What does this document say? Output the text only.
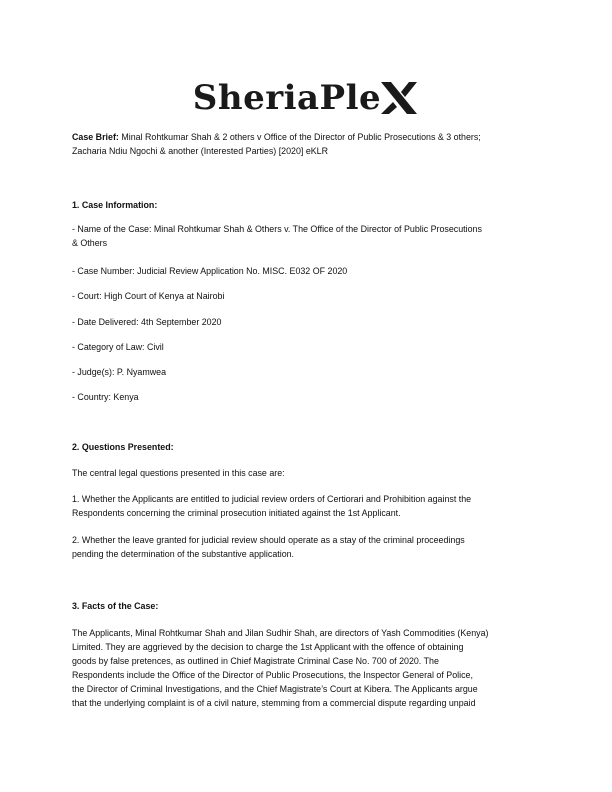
SheriaPle
Case Brief: Minal Rohtkumar Shah & 2 others v Office of the Director of Public Prosecutions & 3 others;
Zacharia Ndiu Ngochi & another (Interested Parties) [2020] eKLR
1. Case Information:
- Name of the Case: Minal Rohtkumar Shah & Others v. The Office of the Director of Public Prosecutions
& Others
- Case Number: Judicial Review Application No. MISC. E032 OF 2020
- Court: High Court of Kenya at Nairobi
- Date Delivered: 4th September 2020
- Category of Law: Civil
- Judge(s): P. Nyamwea
- Country: Kenya
2. Questions Presented:
The central legal questions presented in this case are:
1. Whether the Applicants are entitled to judicial review orders of Certiorari and Prohibition against the
Respondents concerning the criminal prosecution initiated against the 1st Applicant.
2. Whether the leave granted for judicial review should operate as a stay of the criminal proceedings
pending the determination of the substantive application.
3. Facts of the Case:
The Applicants, Minal Rohtkumar Shah and Jilan Sudhir Shah, are directors of Yash Commodities (Kenya)
Limited. They are aggrieved by the decision to charge the 1st Applicant with the offence of obtaining
goods by false pretences, as outlined in Chief Magistrate Criminal Case No. 700 of 2020. The
Respondents include the Office of the Director of Public Prosecutions, the Inspector General of Police,
the Director of Criminal Investigations, and the Chief Magistrate’s Court at Kibera. The Applicants argue
that the underlying complaint is of a civil nature, stemming from a commercial dispute regarding unpaid
